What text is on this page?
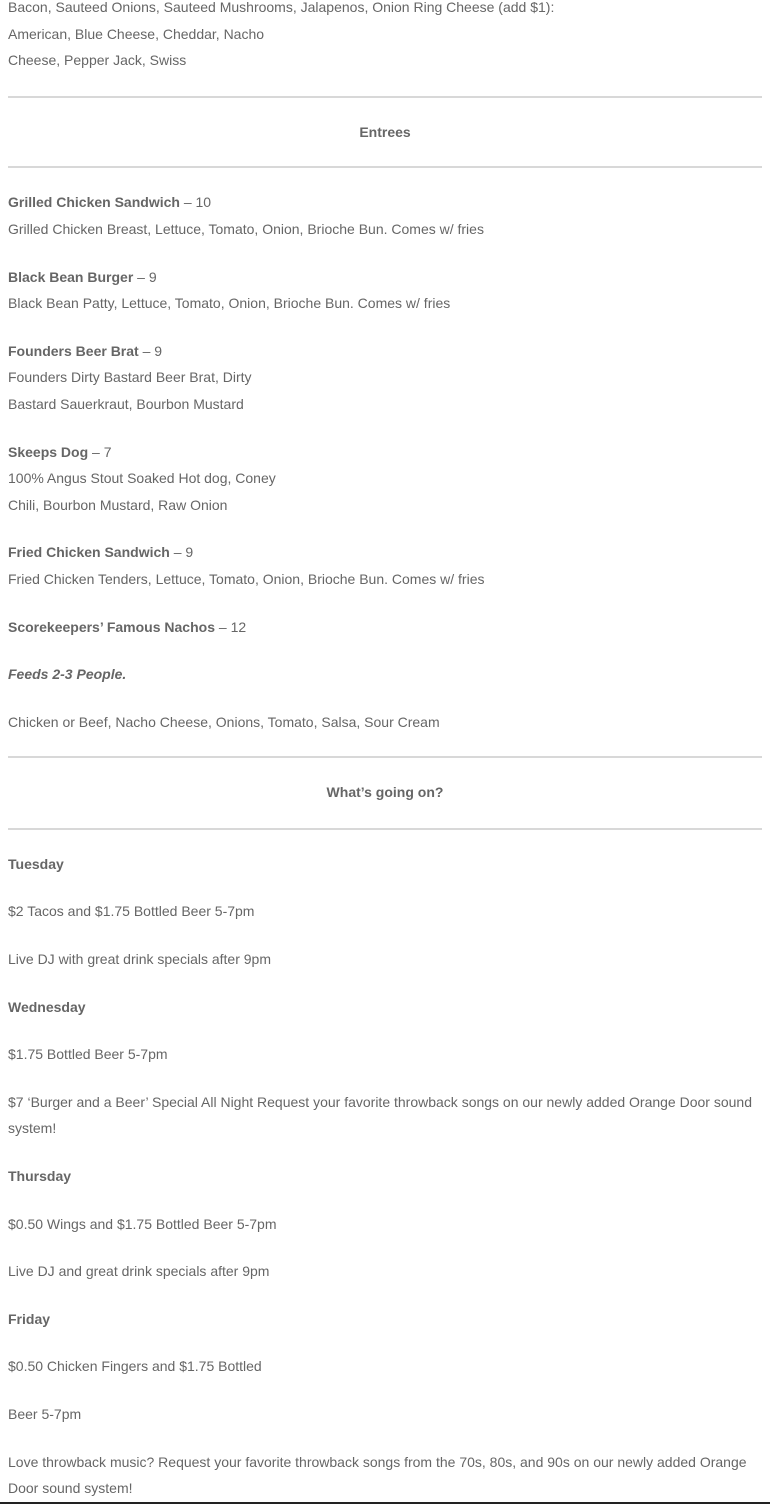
Bacon, Sauteed Onions, Sauteed Mushrooms, Jalapenos, Onion Ring Cheese (add $1):

American, Blue Cheese, Cheddar, Nacho

Cheese, Pepper Jack, Swiss

Entrees

Grilled Chicken Sandwich – 10

Grilled Chicken Breast, Lettuce, Tomato, Onion, Brioche Bun. Comes w/ fries

Black Bean Burger – 9

Black Bean Patty, Lettuce, Tomato, Onion, Brioche Bun. Comes w/ fries

Founders Beer Brat – 9

Founders Dirty Bastard Beer Brat, Dirty

Bastard Sauerkraut, Bourbon Mustard

Skeeps Dog – 7

100% Angus Stout Soaked Hot dog, Coney

Chili, Bourbon Mustard, Raw Onion

Fried Chicken Sandwich – 9

Fried Chicken Tenders, Lettuce, Tomato, Onion, Brioche Bun. Comes w/ fries

Scorekeepers’ Famous Nachos – 12

Feeds 2-3 People.

Chicken or Beef, Nacho Cheese, Onions, Tomato, Salsa, Sour Cream

What’s going on?

Tuesday

$2 Tacos and $1.75 Bottled Beer 5-7pm

Live DJ with great drink specials after 9pm

Wednesday

$1.75 Bottled Beer 5-7pm

$7 ‘Burger and a Beer’ Special All Night Request your favorite throwback songs on our newly added Orange Door sound system!

Thursday

$0.50 Wings and $1.75 Bottled Beer 5-7pm

Live DJ and great drink specials after 9pm

Friday

$0.50 Chicken Fingers and $1.75 Bottled

Beer 5-7pm

Love throwback music? Request your favorite throwback songs from the 70s, 80s, and 90s on our newly added Orange Door sound system!
